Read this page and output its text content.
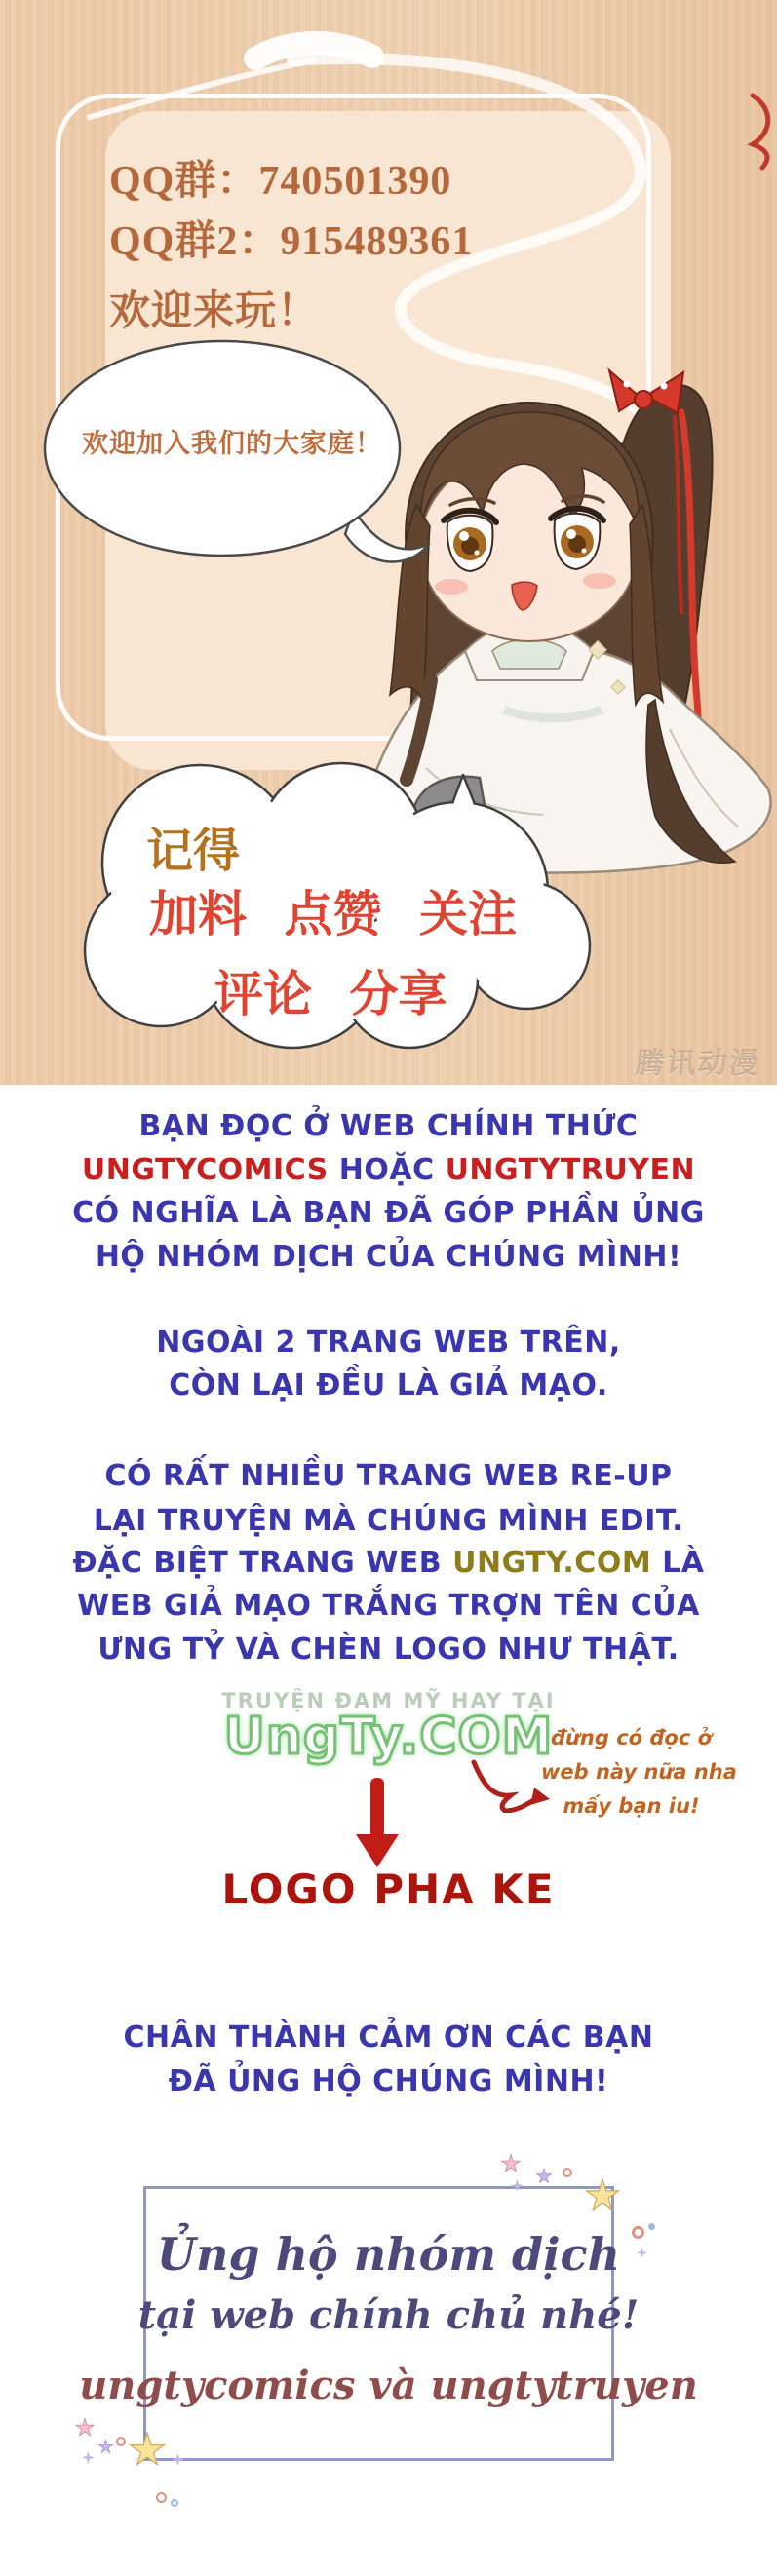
QQ群：740501390
QQ群2：915489361
欢迎来玩！
欢迎加入我们的大家庭！
记得
加料 点赞 关注
评论 分享
腾讯动漫
BẠN ĐỌC Ở WEB CHÍNH THỨC
UNGTYCOMICS HOẶC UNGTYTRUYEN
CÓ NGHĨA LÀ BẠN ĐÃ GÓP PHẦN ỦNG
HỘ NHÓM DỊCH CỦA CHÚNG MÌNH!
NGOÀI 2 TRANG WEB TRÊN,
CÒN LẠI ĐỀU LÀ GIẢ MẠO.
CÓ RẤT NHIỀU TRANG WEB RE-UP
LẠI TRUYỆN MÀ CHÚNG MÌNH EDIT.
ĐẶC BIỆT TRANG WEB UNGTY.COM LÀ
WEB GIẢ MẠO TRẮNG TRỢN TÊN CỦA
ƯNG TỶ VÀ CHÈN LOGO NHƯ THẬT.
TRUYỆN ĐAM MỸ HAY TẠI
UngTy.COM
đừng có đọc ở
web này nữa nha
mấy bạn iu!
LOGO PHA KE
CHÂN THÀNH CẢM ƠN CÁC BẠN
ĐÃ ỦNG HỘ CHÚNG MÌNH!
Ủng hộ nhóm dịch
tại web chính chủ nhé!
ungtycomics và ungtytruyen
